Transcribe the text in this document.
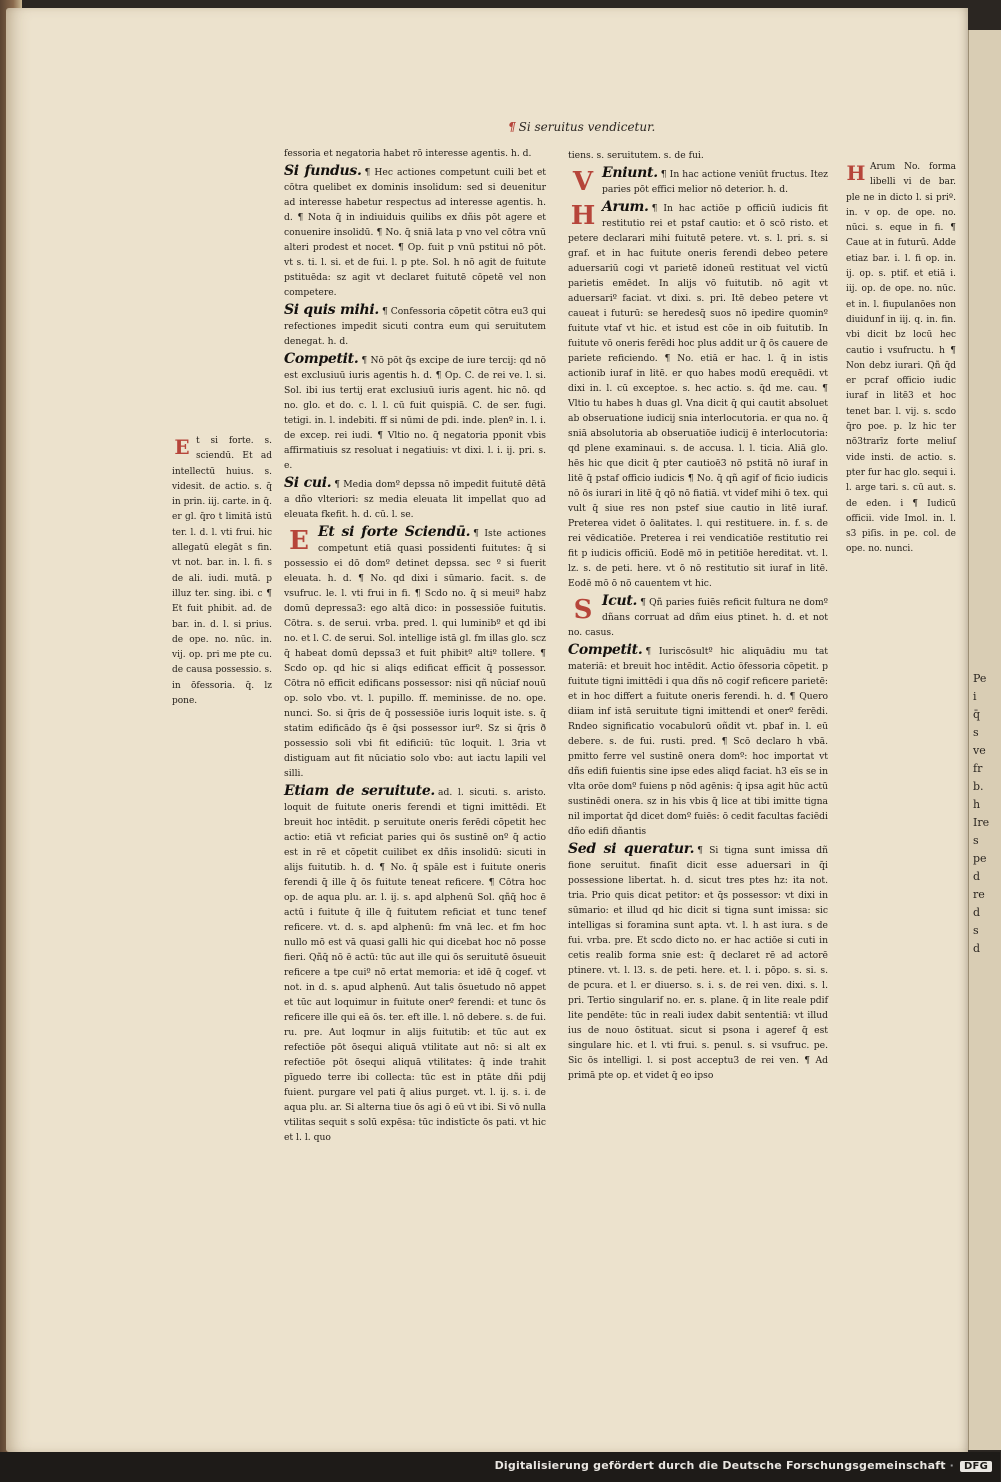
¶ Si seruitus vendicetur.

fessoria et negatoria habet rō interesse agentis. h. d.

Si fundus. ¶ Hec actiones competunt cuili bet et cōtra quelibet ex dominis insolidum: sed si deuenitur ad interesse habetur respectus ad interesse agentis. h. d. ¶ Nota q̄ in indiuiduis quilibs ex dñis pōt agere et conuenire insolidū. ¶ No. q̄ sniā lata p vno vel cōtra vnū alteri prodest et nocet. ¶ Op. fuit p vnū pstitui nō pōt. vt s. ti. l. si. et de fui. l. p pte. Sol. h nō agit de fuitute pstituēda: sz agit vt declaret fuitutē cōpetē vel non competere.

Si quis mihi. ¶ Confessoria cōpetit cōtra eu3 qui refectiones impedit sicuti contra eum qui seruitutem denegat. h. d.

Competit. ¶ Nō pōt q̄s excipe de iure tercij: qd nō est exclusiuū iuris agentis h. d. ¶ Op. C. de rei ve. l. si. Sol. ibi ius tertij erat exclusiuū iuris agent. hic nō. qd no. glo. et do. c. l. l. cū fuit quispiā. C. de ser. fugi. tetigi. in. l. indebiti. ff si nūmi de pdi. inde. plenº in. l. i. de excep. rei iudi. ¶ Vltio no. q̄ negatoria pponit vbis affirmatiuis sz resoluat i negatiuis: vt dixi. l. i. ij. pri. s. e.

Si cui. ¶ Media domº depssa nō impedit fuitutē dētā a dño vlteriori: sz media eleuata lit impellat quo ad eleuata fkefit. h. d. cū. l. se.

E Et si forte Sciendū. ¶ Iste actiones competunt etiā quasi possidenti fuitutes: q̄ si possessio ei dō domº detinet depssa. sec º si fuerit eleuata. h. d. ¶ No. qd dixi i sūmario. facit. s. de vsufruc. le. l. vti frui in fi. ¶ Scdo no. q̄ si meuiº habz domū depressa3: ego altā dico: in possessiōe fuitutis. Cōtra. s. de serui. vrba. pred. l. qui luminibº et qd ibi no. et l. C. de serui. Sol. intellige istā gl. fm illas glo. scz q̄ habeat domū depssa3 et fuit phibitº altiº tollere. ¶ Scdo op. qd hic si aliqs edificat efficit q̄ possessor. Cōtra nō efficit edificans possessor: nisi qñ nūciaf nouū op. solo vbo. vt. l. pupillo. ff. meminisse. de no. ope. nunci. So. si q̄ris de q̄ possessiōe iuris loquit iste. s. q̄ statim edificādo q̄s ē q̄si possessor iurº. Sz si q̄ris ð possessio soli vbi fit edificiū: tūc loquit. l. 3ria vt distiguam aut fit nūciatio solo vbo: aut iactu lapili vel silli.

Etiam de seruitute. ad. l. sicuti. s. aristo. loquit de fuitute oneris ferendi et tigni imittēdi. Et breuit hoc intēdit. p seruitute oneris ferēdi cōpetit hec actio: etiā vt reficiat paries qui ōs sustinē onº q̄ actio est in rē et cōpetit cuilibet ex dñis insolidū: sicuti in alijs fuitutib. h. d. ¶ No. q̄ spāle est i fuitute oneris ferendi q̄ ille q̄ ōs fuitute teneat reficere. ¶ Cōtra hoc op. de aqua plu. ar. l. ij. s. apd alphenū Sol. qñq̄ hoc ē actū i fuitute q̄ ille q̄ fuitutem reficiat et tunc tenef reficere. vt. d. s. apd alphenū: fm vnā lec. et fm hoc nullo mō est vā quasi galli hic qui dicebat hoc nō posse fieri. Qñq̄ nō ē actū: tūc aut ille qui ōs seruitutē ōsueuit reficere a tpe cuiº nō ertat memoria: et idē q̄ cogef. vt not. in d. s. apud alphenū. Aut talis ōsuetudo nō appet et tūc aut loquimur in fuitute onerº ferendi: et tunc ōs reficere ille qui eā ōs. ter. eft ille. l. nō debere. s. de fui. ru. pre. Aut loqmur in alijs fuitutib: et tūc aut ex refectiōe pōt ōsequi aliquā vtilitate aut nō: si alt ex refectiōe pōt ōsequi aliquā vtilitates: q̄ inde trahit pīguedo terre ibi collecta: tūc est in ptāte dñi pdij fuient. purgare vel pati q̄ alius purget. vt. l. ij. s. i. de aqua plu. ar. Si alterna tiue ōs agi ō eū vt ibi. Si vō nulla vtilitas sequit s solū expēsa: tūc indistīcte ōs pati. vt hic et l. l. quo

tiens. s. seruitutem. s. de fui.

V Eniunt. ¶ In hac actione veniūt fructus. Itez paries pōt effici melior nō deterior. h. d.

H Arum. ¶ In hac actiōe p officiū iudicis fit restitutio rei et pstaf cautio: et ō scō risto. et petere declarari mihi fuitutē petere. vt. s. l. pri. s. si graf. et in hac fuitute oneris ferendi debeo petere aduersariū cogi vt parietē idoneū restituat vel victū parietis emēdet. In alijs vō fuitutib. nō agit vt aduersariº faciat. vt dixi. s. pri. Itē debeo petere vt caueat i futurū: se heredesq̄ suos nō ipedire quominº fuitute vtaf vt hic. et istud est cōe in oib fuitutib. In fuitute vō oneris ferēdi hoc plus addit ur q̄ ōs cauere de pariete reficiendo. ¶ No. etiā er hac. l. q̄ in istis actionib iuraf in litē. er quo habes modū erequēdi. vt dixi in. l. cū exceptoe. s. hec actio. s. q̄d me. cau. ¶ Vltio tu habes h duas gl. Vna dicit q̄ qui cautit absoluet ab obseruatione iudicij snia interlocutoria. er qua no. q̄ sniā absolutoria ab obseruatiōe iudicij ē interlocutoria: qd plene examinaui. s. de accusa. l. l. ticia. Aliā glo. hēs hic que dicit q̄ pter cautioē3 nō pstitā nō iuraf in litē q̄ pstaf officio iudicis ¶ No. q̄ qñ agif of ficio iudicis nō ōs iurari in litē q̄ qō nō fiatiā. vt videf mihi ō tex. qui vult q̄ siue res non pstef siue cautio in litē iuraf. Preterea videt ō ōalitates. l. qui restituere. in. f. s. de rei vēdicatiōe. Preterea i rei vendicatiōe restitutio rei fit p iudicis officiū. Eodē mō in petitiōe hereditat. vt. l. lz. s. de peti. here. vt ō nō restitutio sit iuraf in litē. Eodē mō ō nō cauentem vt hic.

S Icut. ¶ Qñ paries fuiēs reficit fultura ne domº dñans corruat ad dñm eius ptinet. h. d. et not no. casus.

Competit. ¶ Iuriscōsultº hic aliquādiu mu tat materiā: et breuit hoc intēdit. Actio ōfessoria cōpetit. p fuitute tigni imittēdi i qua dñs nō cogif reficere parietē: et in hoc differt a fuitute oneris ferendi. h. d. ¶ Quero diiam inf istā seruitute tigni imittendi et onerº ferēdi. Rndeo significatio vocabulorū oñdit vt. pbaf in. l. eū debere. s. de fui. rusti. pred. ¶ Scō declaro h vbā. pmitto ferre vel sustinē onera domº: hoc importat vt dñs edifi fuientis sine ipse edes aliqd faciat. h3 eīs se in vlta orōe domº fuiens p nōd agēnis: q̄ ipsa agit hūc actū sustinēdi onera. sz in his vbis q̄ lice at tibi imitte tigna nil importat q̄d dicet domº fuiēs: ō cedit facultas faciēdi dño edifi dñantis

Sed si queratur. ¶ Si tigna sunt imissa dñ fione seruitut. finaſit dicit esse aduersari in q̄i possessione libertat. h. d. sicut tres ptes hz: ita not. tria. Prio quis dicat petitor: et q̄s possessor: vt dixi in sūmario: et illud qd hic dicit si tigna sunt imissa: sic intelligas si foramina sunt apta. vt. l. h ast iura. s de fui. vrba. pre. Et scdo dicto no. er hac actiōe si cuti in cetis realib forma snie est: q̄ declaret rē ad actorē ptinere. vt. l. l3. s. de peti. here. et. l. i. pōpo. s. si. s. de pcura. et l. er diuerso. s. i. s. de rei ven. dixi. s. l. pri. Tertio singularif no. er. s. plane. q̄ in lite reale pdif lite pendēte: tūc in reali iudex dabit sententiā: vt illud ius de nouo ōstituat. sicut si psona i ageref q̄ est singulare hic. et l. vti frui. s. penul. s. si vsufruc. pe. Sic ōs intelligi. l. si post acceptu3 de rei ven. ¶ Ad primā pte op. et videt q̄ eo ipso

Et si forte. s. sciendū. Et ad intellectū huius. s. videsit. de actio. s. q̄ in prin. iij. carte. in q̄. er gl. q̄ro t limitā istū ter. l. d. l. vti frui. hic allegatū elegāt s fin. vt not. bar. in. l. fi. s de ali. iudi. mutā. p illuz ter. sing. ibi. c ¶ Et fuit phibit. ad. de bar. in. d. l. si prius. de ope. no. nūc. in. vij. op. pri me pte cu. de causa possessio. s. in ōfessoria. q̄. lz pone.

H Arum No. forma libelli vi de bar. ple ne in dicto l. si priº. in. v op. de ope. no. nūci. s. eque in fi. ¶ Caue at in futurū. Adde etiaz bar. i. l. fi op. in. ij. op. s. ptif. et etiā i. iij. op. de ope. no. nūc. et in. l. fiupulanōes non diuidunf in iij. q. in. fin. vbi dicit bz locū hec cautio i vsufructu. h ¶ Non debz iurari. Qñ q̄d er pcraf officio iudic iuraf in litē3 et hoc tenet bar. l. vij. s. scdo q̄ro poe. p. lz hic ter nō3trarīz forte meliuſ vide insti. de actio. s. pter fur hac glo. sequi i. l. arge tari. s. cū aut. s. de eden. i ¶ Iudicū officii. vide Imol. in. l. s3 piſis. in pe. col. de ope. no. nunci.

Pe
i
q̄
s
ve
fr
b.
h
Ire
s
pe
d
re
d
s
d
Digitalisierung gefördert durch die Deutsche Forschungsgemeinschaft · DFG
